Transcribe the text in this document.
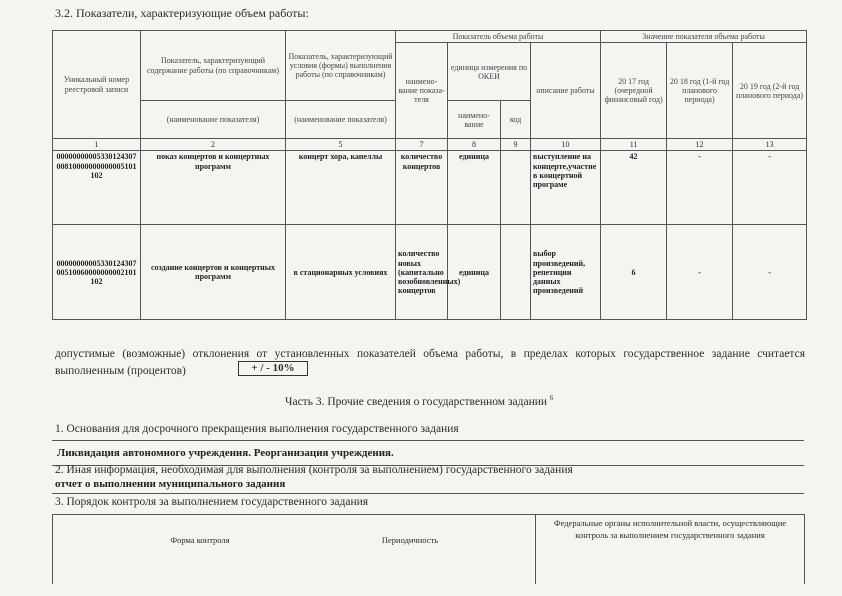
3.2. Показатели, характеризующие объем работы:
Уникальный номер реестровой записи	Показатель, характеризующий содержание работы (по справочникам)	Показатель, характеризующий условия (формы) выполнения работы (по справочникам)	Показатель объема работы				Значение показателя объема работы		
			наимено-вание показа-теля	единица измерения по ОКЕИ		описание работы	20 17 год (очередной финансовый год)	20 18 год (1-й год планового периода)	20 19 год (2-й год планового периода)
	(наименование показателя)	(наименование показателя)		наимено-вание	код				
1	2	5	7	8	9	10	11	12	13
0000000000533012430700810000000000005101102	показ концертов и концертных программ	концерт хора, капеллы	количество концертов	единица		выступление на концерте,участие в концертной програме	42	-	-
0000000000533012430700510060000000002101102	создание концертов и концертных программ	в стационарных условиях	количество новых (капитально возобновленных) концертов	единица		выбор произведений, репетиции данных произведений	6	-	-
допустимые (возможные) отклонения от установленных показателей объема работы, в пределах которых государственное задание считается выполненным (процентов)	+ / - 10%
Часть 3. Прочие сведения о государственном задании $^6$
1. Основания для досрочного прекращения выполнения государственного задания
Ликвидация автономного учреждения. Реорганизация учреждения.
2. Иная информация, необходимая для выполнения (контроля за выполнением) государственного задания
отчет о выполнении муниципального задания
3. Порядок контроля за выполнением государственного задания
Форма контроля	Периодичность
Федеральные органы исполнительной власти, осуществляющие контроль за выполнением государственного задания
